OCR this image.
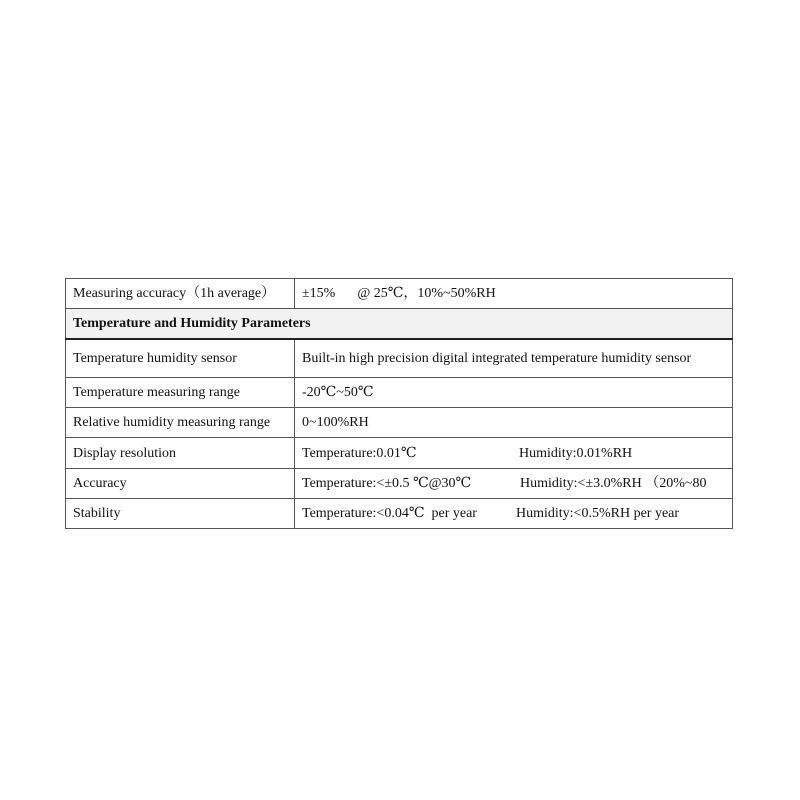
Measuring accuracy（1h average）	±15% @ 25℃，10%~50%RH
Temperature and Humidity Parameters	
Temperature humidity sensor	Built-in high precision digital integrated temperature humidity sensor
Temperature measuring range	-20℃~50℃
Relative humidity measuring range	0~100%RH
Display resolution	Temperature:0.01℃ Humidity:0.01%RH

Accuracy	Temperature:<±0.5 ℃@30℃ Humidity:<±3.0%RH （20%~80

Stability	Temperature:<0.04℃  per year Humidity:<0.5%RH per year
